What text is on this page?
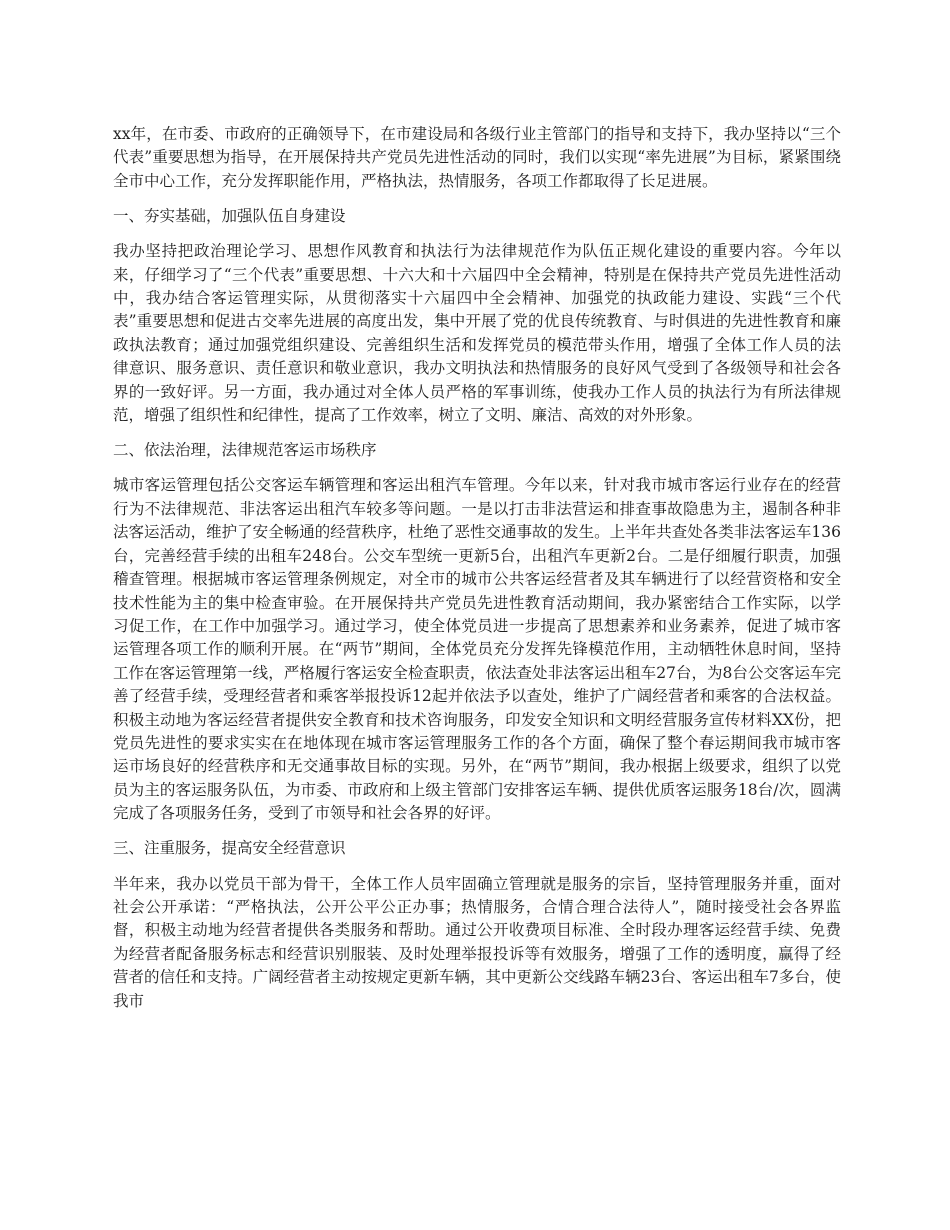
xx年，在市委、市政府的正确领导下，在市建设局和各级行业主管部门的指导和支持下，我办坚持以“三个代表”重要思想为指导，在开展保持共产党员先进性活动的同时，我们以实现“率先进展”为目标，紧紧围绕全市中心工作，充分发挥职能作用，严格执法，热情服务，各项工作都取得了长足进展。

一、夯实基础，加强队伍自身建设

我办坚持把政治理论学习、思想作风教育和执法行为法律规范作为队伍正规化建设的重要内容。今年以来，仔细学习了“三个代表”重要思想、十六大和十六届四中全会精神，特别是在保持共产党员先进性活动中，我办结合客运管理实际，从贯彻落实十六届四中全会精神、加强党的执政能力建设、实践“三个代表”重要思想和促进古交率先进展的高度出发，集中开展了党的优良传统教育、与时俱进的先进性教育和廉政执法教育；通过加强党组织建设、完善组织生活和发挥党员的模范带头作用，增强了全体工作人员的法律意识、服务意识、责任意识和敬业意识，我办文明执法和热情服务的良好风气受到了各级领导和社会各界的一致好评。另一方面，我办通过对全体人员严格的军事训练，使我办工作人员的执法行为有所法律规范，增强了组织性和纪律性，提高了工作效率，树立了文明、廉洁、高效的对外形象。

二、依法治理，法律规范客运市场秩序

城市客运管理包括公交客运车辆管理和客运出租汽车管理。今年以来，针对我市城市客运行业存在的经营行为不法律规范、非法客运出租汽车较多等问题。一是以打击非法营运和排查事故隐患为主，遏制各种非法客运活动，维护了安全畅通的经营秩序，杜绝了恶性交通事故的发生。上半年共查处各类非法客运车136台，完善经营手续的出租车248台。公交车型统一更新5台，出租汽车更新2台。二是仔细履行职责，加强稽查管理。根据城市客运管理条例规定，对全市的城市公共客运经营者及其车辆进行了以经营资格和安全技术性能为主的集中检查审验。在开展保持共产党员先进性教育活动期间，我办紧密结合工作实际，以学习促工作，在工作中加强学习。通过学习，使全体党员进一步提高了思想素养和业务素养，促进了城市客运管理各项工作的顺利开展。在“两节”期间，全体党员充分发挥先锋模范作用，主动牺牲休息时间，坚持工作在客运管理第一线，严格履行客运安全检查职责，依法查处非法客运出租车27台，为8台公交客运车完善了经营手续，受理经营者和乘客举报投诉12起并依法予以查处，维护了广阔经营者和乘客的合法权益。积极主动地为客运经营者提供安全教育和技术咨询服务，印发安全知识和文明经营服务宣传材料XX份，把党员先进性的要求实实在在地体现在城市客运管理服务工作的各个方面，确保了整个春运期间我市城市客运市场良好的经营秩序和无交通事故目标的实现。另外，在“两节”期间，我办根据上级要求，组织了以党员为主的客运服务队伍，为市委、市政府和上级主管部门安排客运车辆、提供优质客运服务18台/次，圆满完成了各项服务任务，受到了市领导和社会各界的好评。

三、注重服务，提高安全经营意识

半年来，我办以党员干部为骨干，全体工作人员牢固确立管理就是服务的宗旨，坚持管理服务并重，面对社会公开承诺：“严格执法，公开公平公正办事；热情服务，合情合理合法待人”，随时接受社会各界监督，积极主动地为经营者提供各类服务和帮助。通过公开收费项目标准、全时段办理客运经营手续、免费为经营者配备服务标志和经营识别服装、及时处理举报投诉等有效服务，增强了工作的透明度，赢得了经营者的信任和支持。广阔经营者主动按规定更新车辆，其中更新公交线路车辆23台、客运出租车7多台，使我市
